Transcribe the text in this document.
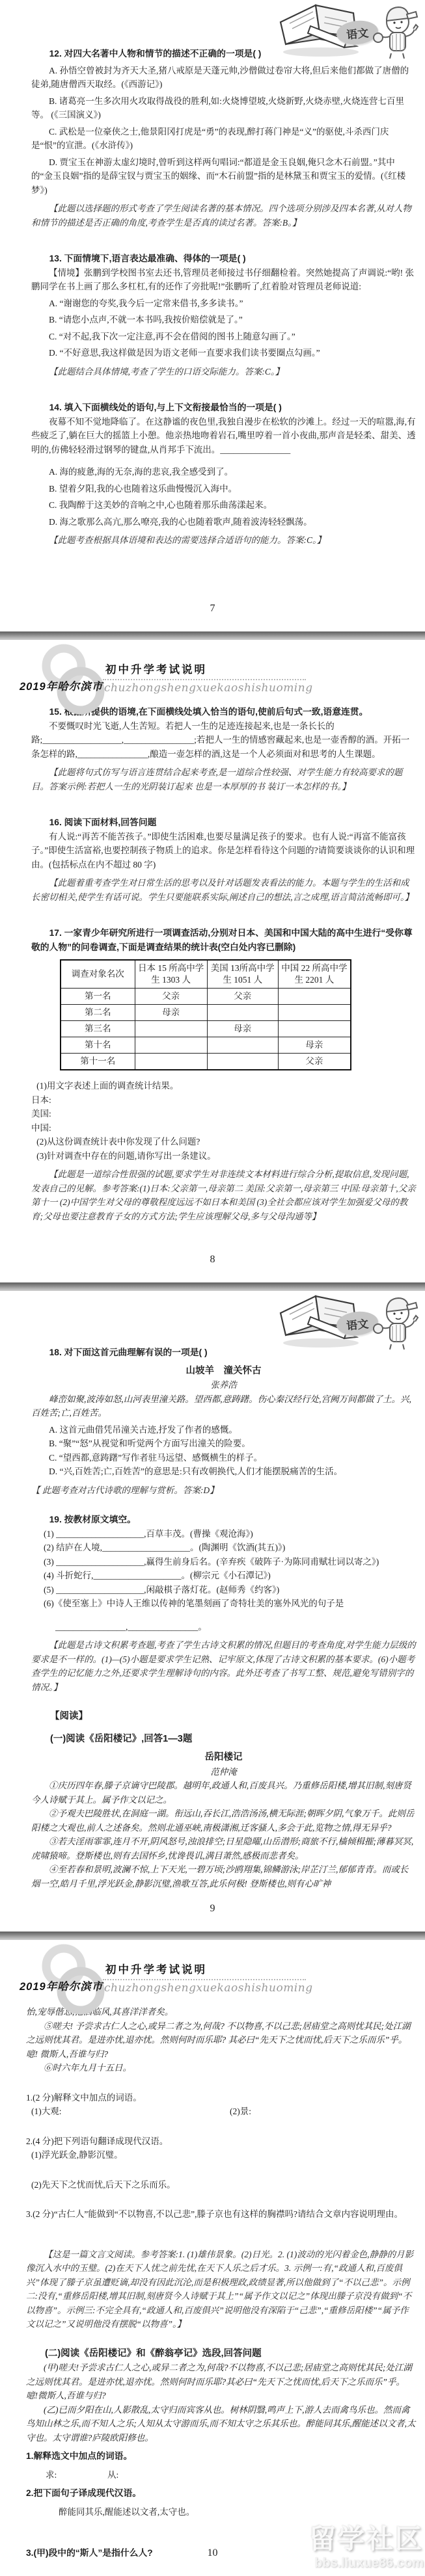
语文

12. 对四大名著中人物和情节的描述不正确的一项是( )

A. 孙悟空曾被封为齐天大圣,猪八戒原是天蓬元帅,沙僧做过卷帘大将,但后来他们都做了唐僧的徒弟,随唐僧西天取经。(《西游记》)

B. 诸葛亮一生多次用火攻取得战役的胜利,如:火烧博望坡,火烧新野,火烧赤壁,火烧连营七百里等。 (《三国演义》)

C. 武松是一位豪侠之士,他景阳冈打虎是“勇”的表现,醉打蒋门神是“义”的驱使,斗杀西门庆是“恨”的宣泄。(《水浒传》)

D. 贾宝玉在神游太虚幻境时,曾听到这样两句唱词:“都道是金玉良姻,俺只念木石前盟。”其中的“金玉良姻”指的是薛宝钗与贾宝玉的姻缘、而“木石前盟”指的是林黛玉和贾宝玉的爱情。(《红楼梦》)

【此题以选择题的形式考查了学生阅读名著的基本情况。四个选项分别涉及四本名著,从对人物和情节的描述是否正确的角度,考查学生是否真的读过名著。答案:B。】

13. 下面情境下,语言表达最准确、得体的一项是( )

【情境】张鹏到学校图书室去还书,管理员老师接过书仔细翻检着。突然她提高了声调说:“哟! 张鹏同学在书上画了那么多杠杠,有的还作了旁批呢!”张鹏听了,红着脸对管理员老师说道:

A. “谢谢您的夸奖,我今后一定常来借书,多多读书。”

B. “请您小点声,不就一本书吗,我按价赔偿就是了。”

C. “对不起,我下次一定注意,再不会在借阅的图书上随意勾画了。”

D. “不好意思,我这样做是因为语文老师一直要求我们读书要圈点勾画。”

【此题结合具体情境,考查了学生的口语交际能力。答案:C。】

14. 填入下面横线处的语句,与上下文衔接最恰当的一项是( )

夜幕不知不觉地降临了。在这静谧的夜色里,我独自漫步在松软的沙滩上。经过一天的喧嚣,海,有些疲乏了,躺在巨大的摇篮上小憩。他亲热地吻着岩石,嘴里哼着一首小夜曲,那声音是轻柔、甜美、透明的,仿佛轻轻滑过钢琴的键盘,从肖邦手下流出。________________

A. 海的疲惫,海的无奈,海的悲哀,我全感受到了。

B. 望着夕阳,我的心也随着这乐曲慢慢沉入海中。

C. 我陶醉于这美妙的音响之中,心也随着那乐曲荡漾起来。

D. 海之歌那么高亢,那么嘹亮,我的心也随着歌声,随着波涛轻轻飘荡。

【此题考查根据具体语境和表达的需要选择合适语句的能力。答案:C。】

7
2019年哈尔滨市
初中升学考试说明
chuzhongshengxuekaoshishuoming

15. 根据所提供的语境,在下面横线处填入恰当的语句,使前后句式一致,语意连贯。

不要慨叹时光飞逝,人生苦短。若把人一生的足迹连接起来,也是一条长长的路;__________________,________________;若把人一生的情感窖藏起来,也是一壶香醇的酒。开拓一条怎样的路,________________,酿造一壶怎样的酒,这是一个人必须面对和思考的人生课题。

【此题将句式仿写与语言连贯结合起来考查,是一道综合性较强、对学生能力有较高要求的题目。答案示例:若把人一生的光阴装订起来 也是一本厚厚的书 装订一本怎样的书。】

16. 阅读下面材料,回答问题

有人说:“再苦不能苦孩子。”即使生活困难,也要尽量满足孩子的要求。也有人说:“再富不能富孩子。”即使生活富裕,也要控制孩子物质上的追求。你是怎样看待这个问题的?请简要谈谈你的认识和理由。(包括标点在内不超过 80 字)

【此题着重考查学生对日常生活的思考以及针对话题发表看法的能力。本题与学生的生活和成长密切相关,使学生有话可说。学生只要能联系实际,阐述自己的想法,言之成理,语言简洁流畅即可。】

17. 一家青少年研究所进行一项调查活动,分别对日本、美国和中国大陆的高中生进行“受你尊敬的人物”的问卷调查,下面是调查结果的统计表(空白处内容已删除)

调查对象名次	日本 15 所高中学生 1303 人	美国 13所高中学生 1051 人	中国 22 所高中学生 2201 人
第一名	父亲	父亲	
第二名	母亲		
第三名		母亲	
第十名			母亲
第十一名			父亲

(1)用文字表述上面的调查统计结果。

日本:

美国:

中国:

(2)从这份调查统计表中你发现了什么问题?

(3)针对调查中存在的问题,请你写出一条建议。

【此题是一道综合性很强的试题,要求学生对非连续文本材料进行综合分析,提取信息,发现问题,发表自己的见解。参考答案:(1)日本:父亲第一,母亲第二 美国:父亲第一,母亲第三 中国:母亲第十,父亲第十一 (2)中国学生对父母的尊敬程度远远不如日本和美国 (3)全社会都应该对学生加强爱父母的教育;父母也要注意教育子女的方式方法;学生应该理解父母,多与父母沟通等】

8
语文

18. 对下面这首元曲理解有误的一项是( )

山坡羊　潼关怀古

张养浩

峰峦如聚,波涛如怒,山河表里潼关路。望西都,意踌躇。伤心秦汉经行处,宫阙万间都做了土。兴,百姓苦;亡,百姓苦。

A. 这首元曲借凭吊潼关古迹,抒发了作者的感慨。

B. “聚”“怒”从视觉和听觉两个方面写出潼关的险要。

C. “望西都,意踌躇”写作者驻马远望、感慨横生的样子。

D. “兴,百姓苦;亡,百姓苦”的意思是:只有改朝换代,人们才能摆脱痛苦的生活。

【 此题考查对古代诗歌的理解与赏析。答案:D】

19. 按教材原文填空。

(1) ____________________,百草丰茂。(曹操《观沧海》)

(2) 结庐在人境,____________________。(陶渊明《饮酒(其五)》)

(3) ____________________,赢得生前身后名。(辛弃疾《破阵子·为陈同甫赋壮词以寄之》)

(4) 斗折蛇行,____________________。(柳宗元《小石潭记》)

(5) ____________________,闲敲棋子落灯花。(赵师秀《约客》)

(6)《使至塞上》中诗人王维以传神的笔墨刻画了奇特壮美的塞外风光的句子是

________________,________________。

【此题是古诗文积累考查题,考查了学生古诗文积累的情况,但题目的考查角度,对学生能力层级的要求是不一样的。(1)—(5)小题是要求学生记熟、记牢原文,体现了古诗文积累的基本要求。(6)小题考查学生的记忆能力之外,还要求学生理解诗句的内容。此外还考查了书写工整、规范,避免写错别字的情况。】

【阅读】

(一)阅读《岳阳楼记》,回答1—3题

岳阳楼记

范仲淹

①庆历四年春,滕子京谪守巴陵郡。越明年,政通人和,百废具兴。乃重修岳阳楼,增其旧制,刻唐贤今人诗赋于其上。属予作文以记之。

②予观夫巴陵胜状,在洞庭一湖。衔远山,吞长江,浩浩汤汤,横无际涯;朝晖夕阴,气象万千。此则岳阳楼之大观也,前人之述备矣。然则北通巫峡,南极潇湘,迁客骚人,多会于此,览物之情,得无异乎?

③若夫淫雨霏霏,连月不开,阴风怒号,浊浪排空;日星隐曜,山岳潜形;商旅不行,樯倾楫摧;薄暮冥冥,虎啸猿啼。登斯楼也,则有去国怀乡,忧谗畏讥,满目萧然,感极而悲者矣。

④至若春和景明,波澜不惊,上下天光,一碧万顷;沙鸥翔集,锦鳞游泳;岸芷汀兰,郁郁青青。而或长烟一空,皓月千里,浮光跃金,静影沉璧,渔歌互答,此乐何极! 登斯楼也,则有心旷神

9
2019年哈尔滨市
初中升学考试说明
chuzhongshengxuekaoshishuoming

怡,宠辱偕忘,把酒临风,其喜洋洋者矣。

⑤嗟夫! 予尝求古仁人之心,或异二者之为,何哉? 不以物喜,不以己悲;居庙堂之高则忧其民;处江湖之远则忧其君。是进亦忧,退亦忧。然则何时而乐耶? 其必曰“先天下之忧而忧,后天下之乐而乐”乎。噫! 微斯人,吾谁与归?

⑥时六年九月十五日。

1.(2 分)解释文中加点的词语。

(1)大观:	(2)景:

2.(4 分)把下列语句翻译成现代汉语。

(1)浮光跃金,静影沉璧。

(2)先天下之忧而忧,后天下之乐而乐。

3.(2 分)“古仁人”能做到“不以物喜,不以己悲”,滕子京也有这样的胸襟吗?请结合文章内容说明理由。

【这是一篇文言文阅读。参考答案:1. (1)雄伟景象。(2)日光。2. (1)波动的光闪着金色,静静的月影像沉入水中的玉璧。(2)在天下人忧之前先忧,在天下人乐之后才乐。3. 示例一:有,“政通人和,百废俱兴”体现了滕子京虽遭贬谪,却没有因此沉沦,而是积极理政,政绩显著,所以他做到了“不以己悲”。示例二:没有,“重修岳阳楼,增其旧制,刻唐贤今人诗赋于其上”“属予作文以记之”体现出滕子京没有做到“不以物喜”。示例三:不完全具有,“政通人和,百废俱兴”说明他没有深陷于“己悲”,“重修岳阳楼”“属予作文以记之”又说明他没有摆脱“以物喜”。】

(二)阅读《岳阳楼记》和《醉翁亭记》选段,回答问题

(甲)嗟夫!予尝求古仁人之心,或异二者之为,何哉?不以物喜,不以己悲;居庙堂之高则忧其民;处江湖之远则忧其君。是进亦忧,退亦忧。然则何时而乐耶?其必曰“先天下之忧而忧,后天下之乐而乐”乎。噫!微斯人,吾谁与归?

(乙)已而夕阳在山,人影散乱,太守归而宾客从也。树林阴翳,鸣声上下,游人去而禽鸟乐也。然而禽鸟知山林之乐,而不知人之乐;人知从太守游而乐,而不知太守之乐其乐也。醉能同其乐,醒能述以文者,太守也。太守谓谁?庐陵欧阳修也。

1.解释选文中加点的词语。

求:	从:

2.把下面句子译成现代汉语。

醉能同其乐,醒能述以文者,太守也。

3.(甲)段中的“斯人”是指什么人?	10	留学社区
bbs.liuxue86.com
